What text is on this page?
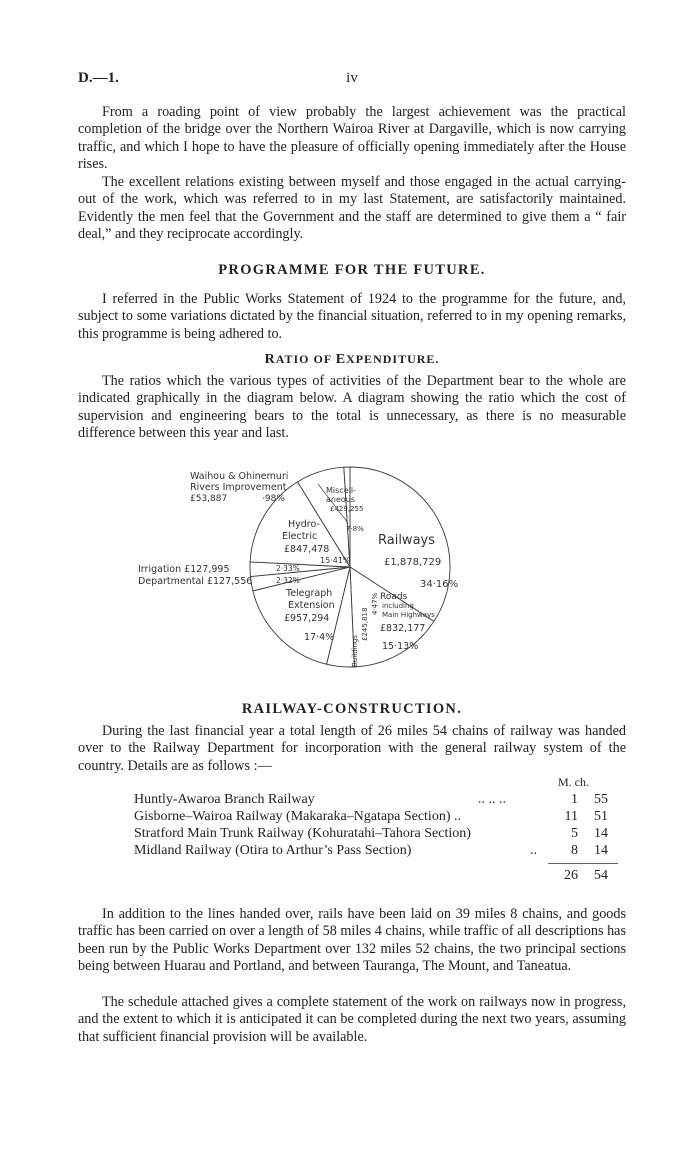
D.—1.	iv

From a roading point of view probably the largest achievement was the practical completion of the bridge over the Northern Wairoa River at Dargaville, which is now carrying traffic, and which I hope to have the pleasure of officially opening immediately after the House rises.

The excellent relations existing between myself and those engaged in the actual carrying-out of the work, which was referred to in my last Statement, are satisfactorily maintained. Evidently the men feel that the Government and the staff are determined to give them a “ fair deal,” and they reciprocate accordingly.

PROGRAMME FOR THE FUTURE.

I referred in the Public Works Statement of 1924 to the programme for the future, and, subject to some variations dictated by the financial situation, referred to in my opening remarks, this programme is being adhered to.

RATIO OF EXPENDITURE.

The ratios which the various types of activities of the Department bear to the whole are indicated graphically in the diagram below. A diagram showing the ratio which the cost of supervision and engineering bears to the total is unnecessary, as there is no measurable difference between this year and last.

Waihou & Ohinemuri
Rivers Improvement
£53,887	·98%
Miscell-
aneous
£429,255
7·8%
Hydro-
Electric
£847,478
15·41%
Railways
£1,878,729
34·16%
Irrigation £127,995	2·33%
Departmental £127,556	2·32%
Telegraph
Extension
£957,294
17·4% Buildings
£245,818
4·47% Roads
including
Main Highways
£832,177
15·13%
RAILWAY-CONSTRUCTION.

During the last financial year a total length of 26 miles 54 chains of railway was handed over to the Railway Department for incorporation with the general railway system of the country. Details are as follows :—

M. ch.
Huntly-Awaroa Branch Railway	.. .. ..	1	55
Gisborne–Wairoa Railway (Makaraka–Ngatapa Section) ..	11	51
Stratford Main Trunk Railway (Kohuratahi–Tahora Section)	5	14
Midland Railway (Otira to Arthur’s Pass Section)	..	8	14
26	54

In addition to the lines handed over, rails have been laid on 39 miles 8 chains, and goods traffic has been carried on over a length of 58 miles 4 chains, while traffic of all descriptions has been run by the Public Works Department over 132 miles 52 chains, the two principal sections being between Huarau and Portland, and between Tauranga, The Mount, and Taneatua.

The schedule attached gives a complete statement of the work on railways now in progress, and the extent to which it is anticipated it can be completed during the next two years, assuming that sufficient financial provision will be available.
